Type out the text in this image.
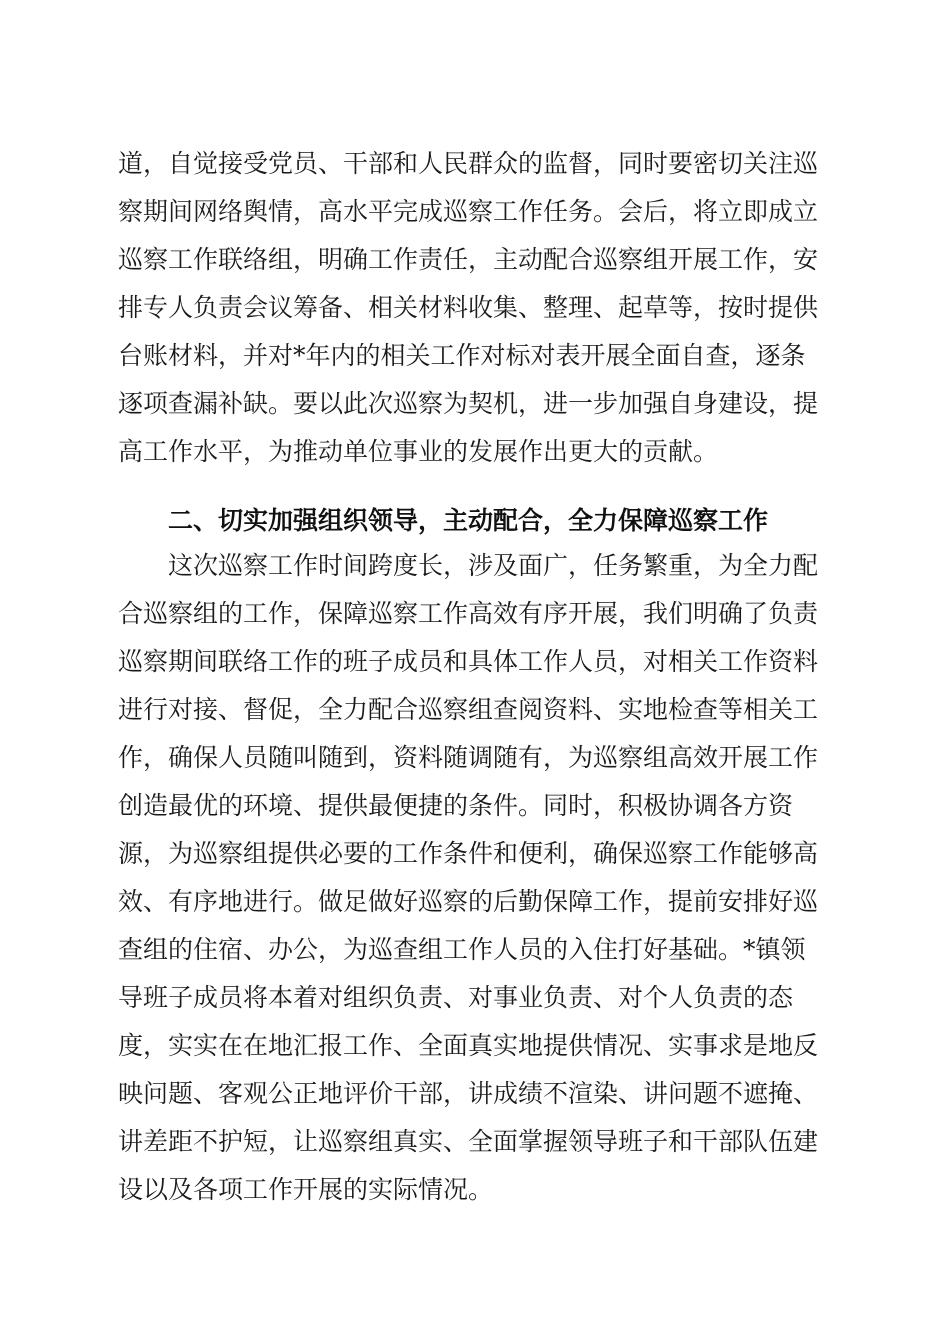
道，自觉接受党员、干部和人民群众的监督，同时要密切关注巡察期间网络舆情，高水平完成巡察工作任务。会后，将立即成立巡察工作联络组，明确工作责任，主动配合巡察组开展工作，安排专人负责会议筹备、相关材料收集、整理、起草等，按时提供台账材料，并对*年内的相关工作对标对表开展全面自查，逐条逐项查漏补缺。要以此次巡察为契机，进一步加强自身建设，提高工作水平，为推动单位事业的发展作出更大的贡献。

二、切实加强组织领导，主动配合，全力保障巡察工作

这次巡察工作时间跨度长，涉及面广，任务繁重，为全力配合巡察组的工作，保障巡察工作高效有序开展，我们明确了负责巡察期间联络工作的班子成员和具体工作人员，对相关工作资料进行对接、督促，全力配合巡察组查阅资料、实地检查等相关工作，确保人员随叫随到，资料随调随有，为巡察组高效开展工作创造最优的环境、提供最便捷的条件。同时，积极协调各方资源，为巡察组提供必要的工作条件和便利，确保巡察工作能够高效、有序地进行。做足做好巡察的后勤保障工作，提前安排好巡查组的住宿、办公，为巡查组工作人员的入住打好基础。*镇领导班子成员将本着对组织负责、对事业负责、对个人负责的态度，实实在在地汇报工作、全面真实地提供情况、实事求是地反映问题、客观公正地评价干部，讲成绩不渲染、讲问题不遮掩、讲差距不护短，让巡察组真实、全面掌握领导班子和干部队伍建设以及各项工作开展的实际情况。
